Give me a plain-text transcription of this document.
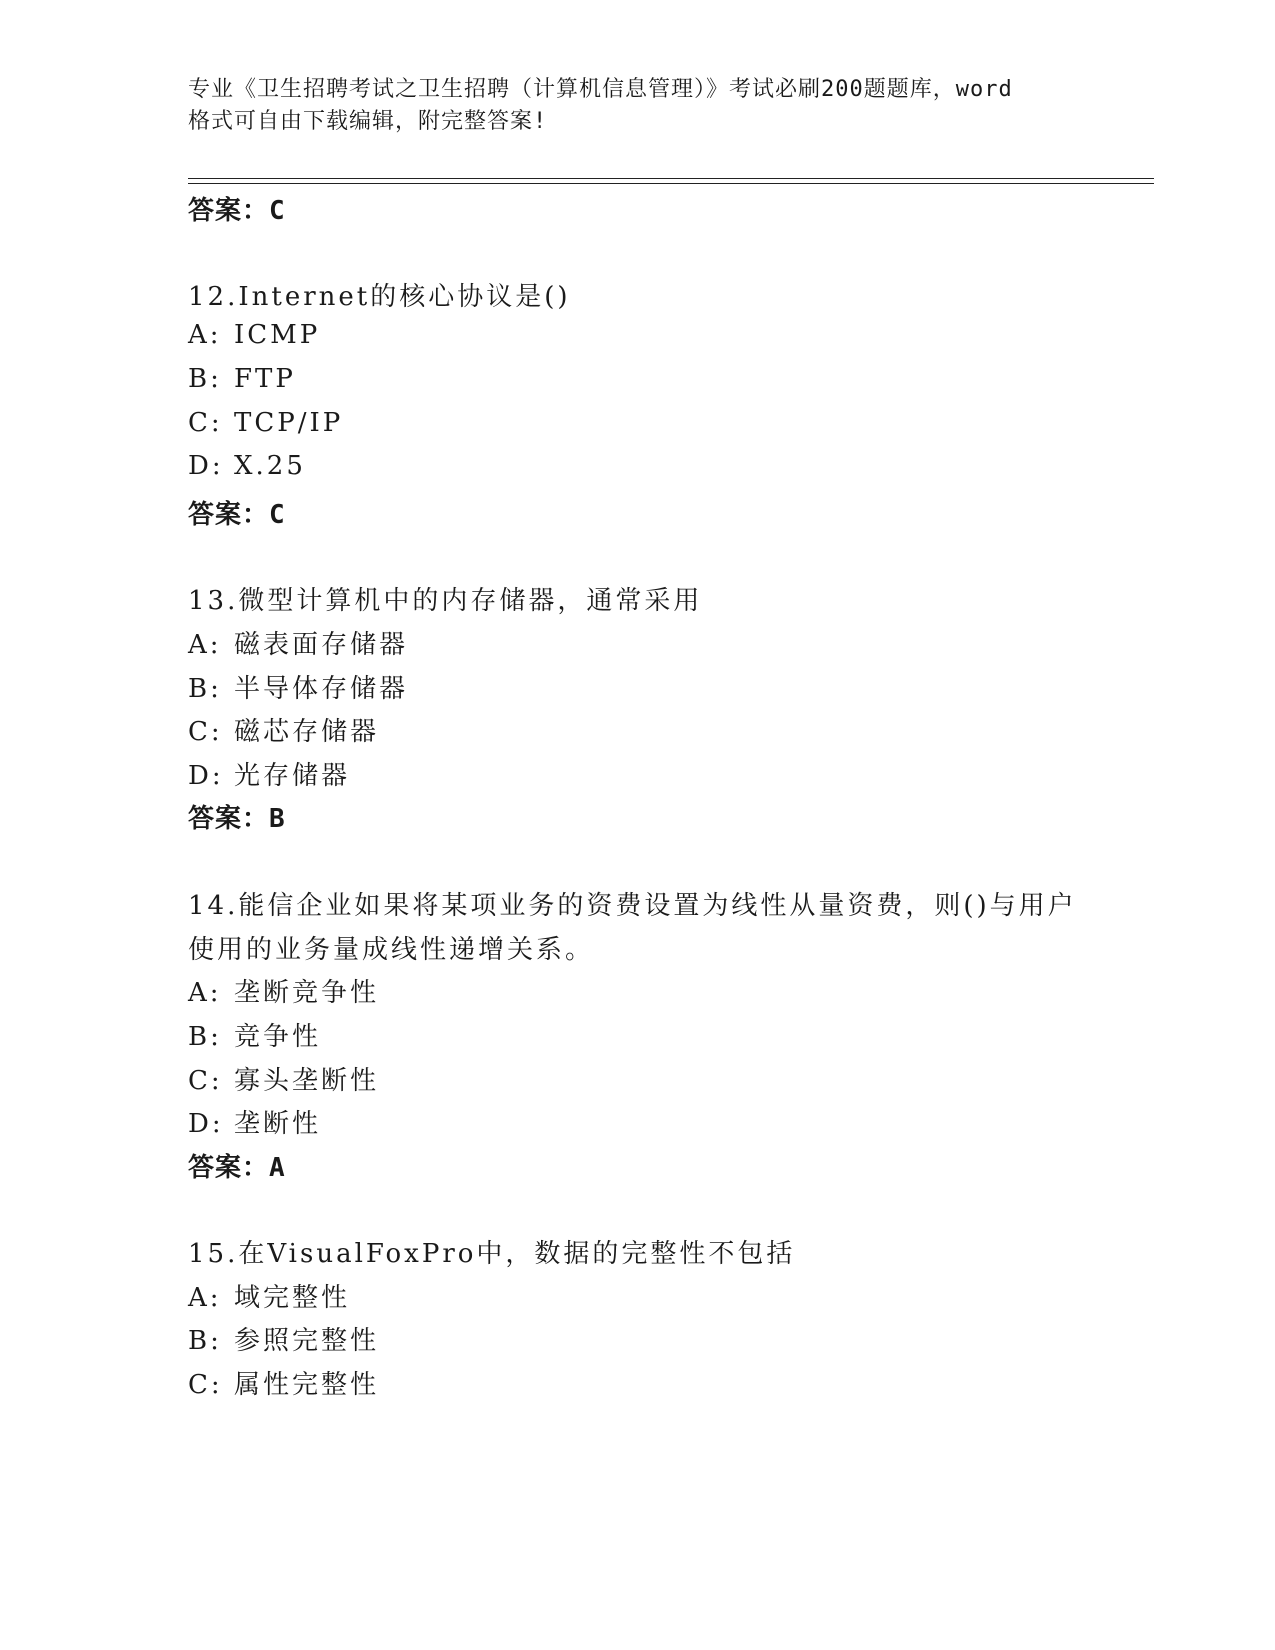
专业《卫生招聘考试之卫生招聘（计算机信息管理）》考试必刷200题题库，word
格式可自由下载编辑，附完整答案!
答案：C
12.Internet的核心协议是()
A: ICMP
B: FTP
C: TCP/IP
D: X.25
答案：C
13.微型计算机中的内存储器，通常采用
A: 磁表面存储器
B: 半导体存储器
C: 磁芯存储器
D: 光存储器
答案：B
14.能信企业如果将某项业务的资费设置为线性从量资费，则()与用户
使用的业务量成线性递增关系。
A: 垄断竞争性
B: 竞争性
C: 寡头垄断性
D: 垄断性
答案：A
15.在VisualFoxPro中，数据的完整性不包括
A: 域完整性
B: 参照完整性
C: 属性完整性
